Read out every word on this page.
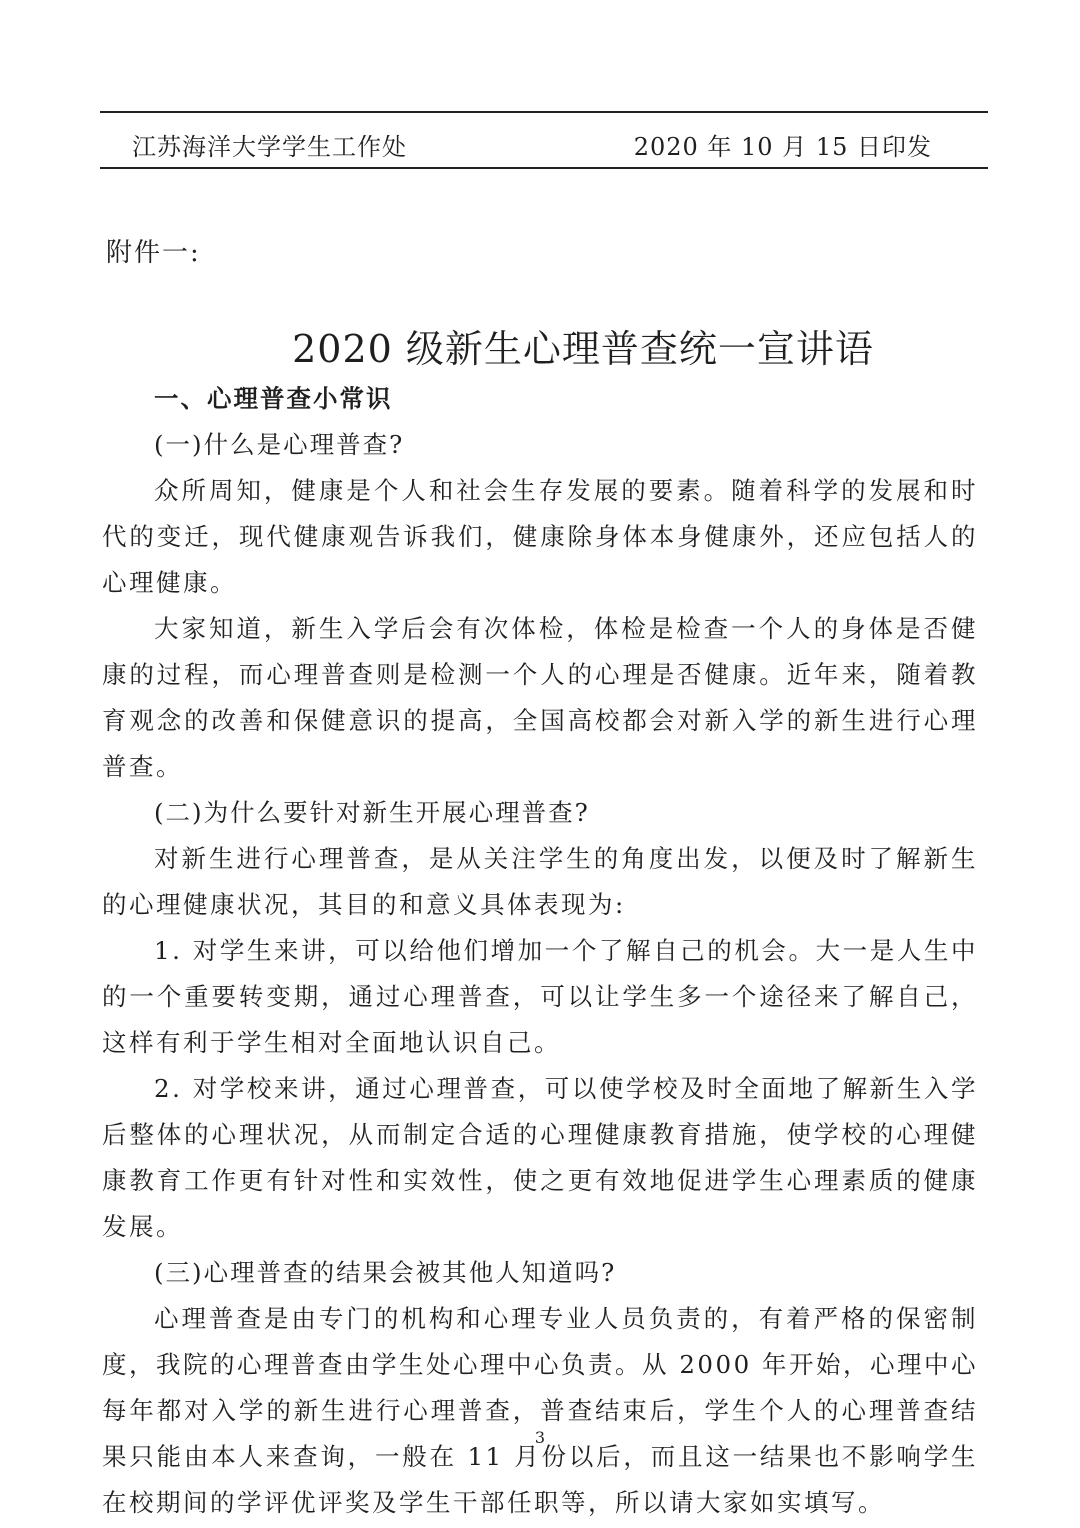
江苏海洋大学学生工作处	2020 年 10 月 15 日印发
附件一:
2020 级新生心理普查统一宣讲语

一、心理普查小常识

(一)什么是心理普查?

众所周知，健康是个人和社会生存发展的要素。随着科学的发展和时代的变迁，现代健康观告诉我们，健康除身体本身健康外，还应包括人的心理健康。

大家知道，新生入学后会有次体检，体检是检查一个人的身体是否健康的过程，而心理普查则是检测一个人的心理是否健康。近年来，随着教育观念的改善和保健意识的提高，全国高校都会对新入学的新生进行心理普查。

(二)为什么要针对新生开展心理普查?

对新生进行心理普查，是从关注学生的角度出发，以便及时了解新生的心理健康状况，其目的和意义具体表现为:

1. 对学生来讲，可以给他们增加一个了解自己的机会。大一是人生中的一个重要转变期，通过心理普查，可以让学生多一个途径来了解自己，这样有利于学生相对全面地认识自己。

2. 对学校来讲，通过心理普查，可以使学校及时全面地了解新生入学后整体的心理状况，从而制定合适的心理健康教育措施，使学校的心理健康教育工作更有针对性和实效性，使之更有效地促进学生心理素质的健康发展。

(三)心理普查的结果会被其他人知道吗?

心理普查是由专门的机构和心理专业人员负责的，有着严格的保密制度，我院的心理普查由学生处心理中心负责。从 2000 年开始，心理中心每年都对入学的新生进行心理普查，普查结束后，学生个人的心理普查结果只能由本人来查询，一般在 11 月份以后，而且这一结果也不影响学生在校期间的学评优评奖及学生干部任职等，所以请大家如实填写。

3
